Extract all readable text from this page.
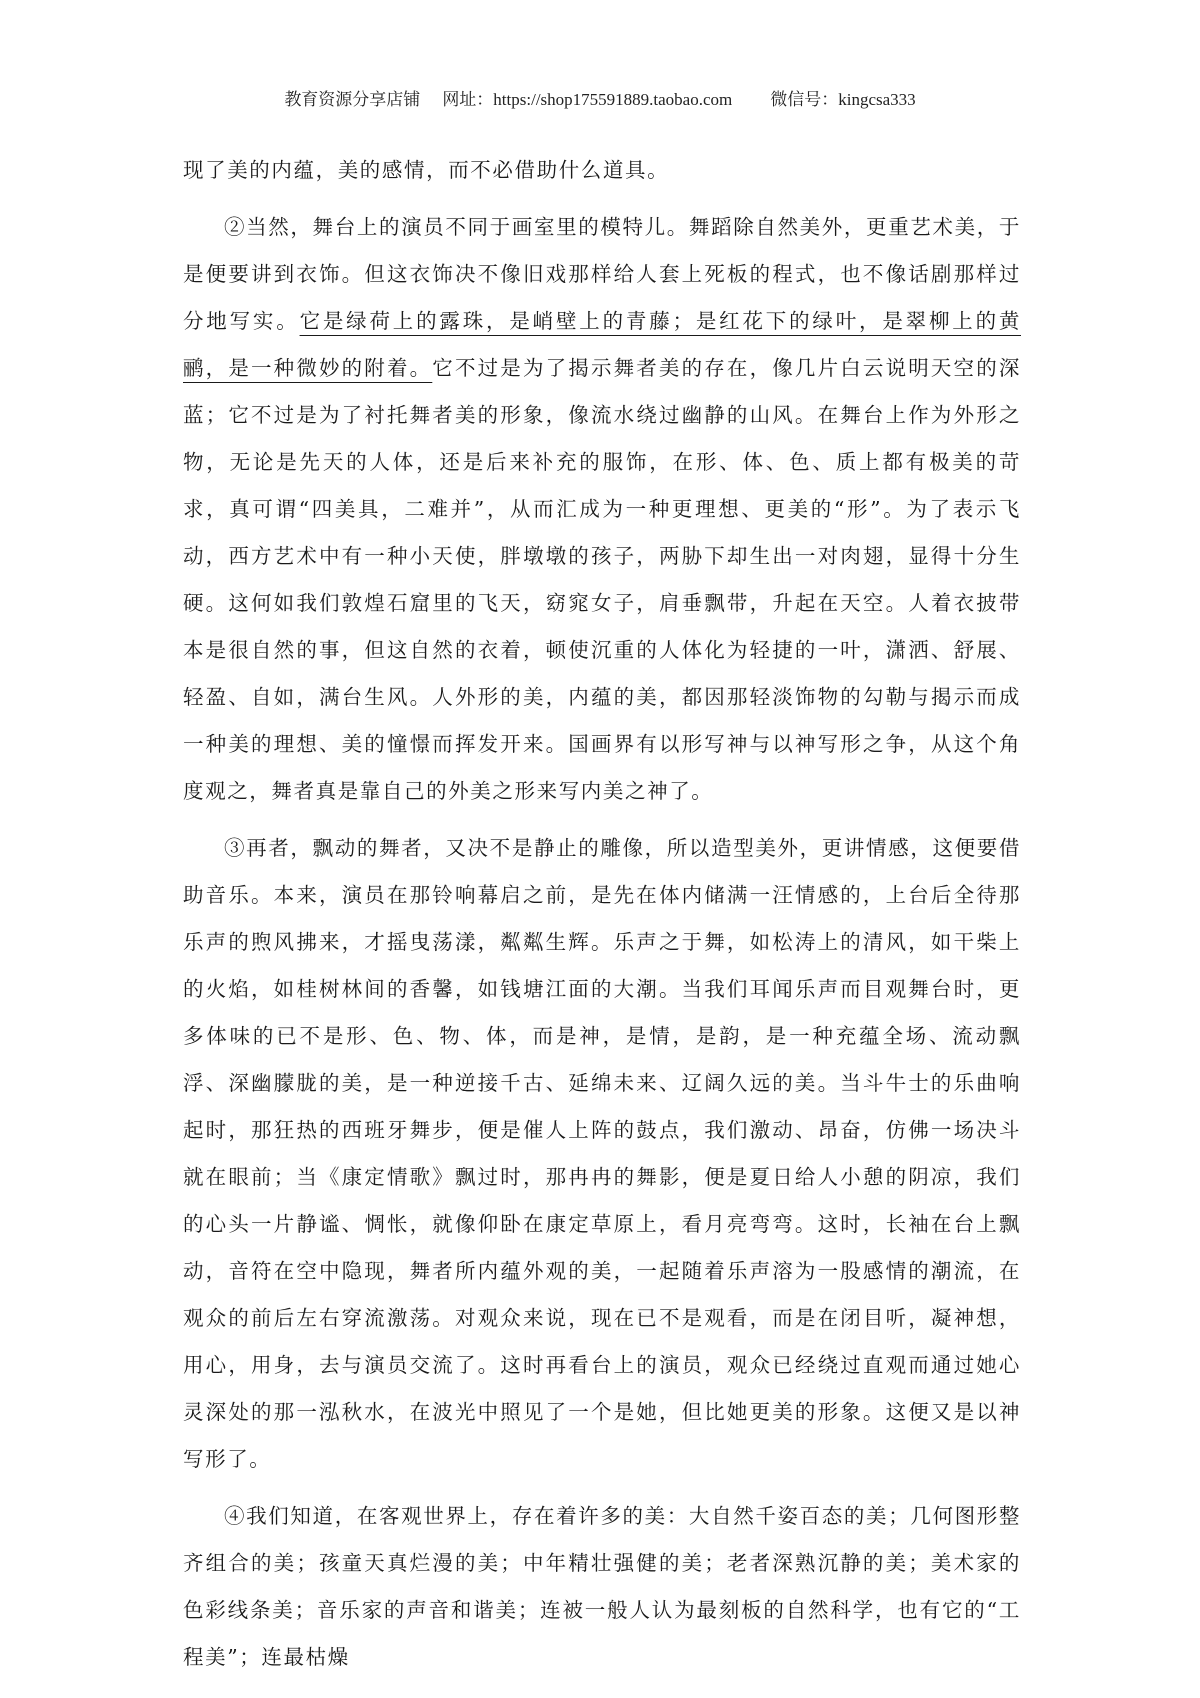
教育资源分享店铺 网址：https://shop175591889.taobao.com 微信号：kingcsa333

现了美的内蕴，美的感情，而不必借助什么道具。

②当然，舞台上的演员不同于画室里的模特儿。舞蹈除自然美外，更重艺术美，于是便要讲到衣饰。但这衣饰决不像旧戏那样给人套上死板的程式，也不像话剧那样过分地写实。它是绿荷上的露珠，是峭壁上的青藤；是红花下的绿叶，是翠柳上的黄鹂，是一种微妙的附着。它不过是为了揭示舞者美的存在，像几片白云说明天空的深蓝；它不过是为了衬托舞者美的形象，像流水绕过幽静的山风。在舞台上作为外形之物，无论是先天的人体，还是后来补充的服饰，在形、体、色、质上都有极美的苛求，真可谓“四美具，二难并”，从而汇成为一种更理想、更美的“形”。为了表示飞动，西方艺术中有一种小天使，胖墩墩的孩子，两胁下却生出一对肉翅，显得十分生硬。这何如我们敦煌石窟里的飞天，窈窕女子，肩垂飘带，升起在天空。人着衣披带本是很自然的事，但这自然的衣着，顿使沉重的人体化为轻捷的一叶，潇洒、舒展、轻盈、自如，满台生风。人外形的美，内蕴的美，都因那轻淡饰物的勾勒与揭示而成一种美的理想、美的憧憬而挥发开来。国画界有以形写神与以神写形之争，从这个角度观之，舞者真是靠自己的外美之形来写内美之神了。

③再者，飘动的舞者，又决不是静止的雕像，所以造型美外，更讲情感，这便要借助音乐。本来，演员在那铃响幕启之前，是先在体内储满一汪情感的，上台后全待那乐声的煦风拂来，才摇曳荡漾，粼粼生辉。乐声之于舞，如松涛上的清风，如干柴上的火焰，如桂树林间的香馨，如钱塘江面的大潮。当我们耳闻乐声而目观舞台时，更多体味的已不是形、色、物、体，而是神，是情，是韵，是一种充蕴全场、流动飘浮、深幽朦胧的美，是一种逆接千古、延绵未来、辽阔久远的美。当斗牛士的乐曲响起时，那狂热的西班牙舞步，便是催人上阵的鼓点，我们激动、昂奋，仿佛一场决斗就在眼前；当《康定情歌》飘过时，那冉冉的舞影，便是夏日给人小憩的阴凉，我们的心头一片静谧、惆怅，就像仰卧在康定草原上，看月亮弯弯。这时，长袖在台上飘动，音符在空中隐现，舞者所内蕴外观的美，一起随着乐声溶为一股感情的潮流，在观众的前后左右穿流激荡。对观众来说，现在已不是观看，而是在闭目听，凝神想，用心，用身，去与演员交流了。这时再看台上的演员，观众已经绕过直观而通过她心灵深处的那一泓秋水，在波光中照见了一个是她，但比她更美的形象。这便又是以神写形了。

④我们知道，在客观世界上，存在着许多的美：大自然千姿百态的美；几何图形整齐组合的美；孩童天真烂漫的美；中年精壮强健的美；老者深熟沉静的美；美术家的色彩线条美；音乐家的声音和谐美；连被一般人认为最刻板的自然科学，也有它的“工程美”；连最枯燥
